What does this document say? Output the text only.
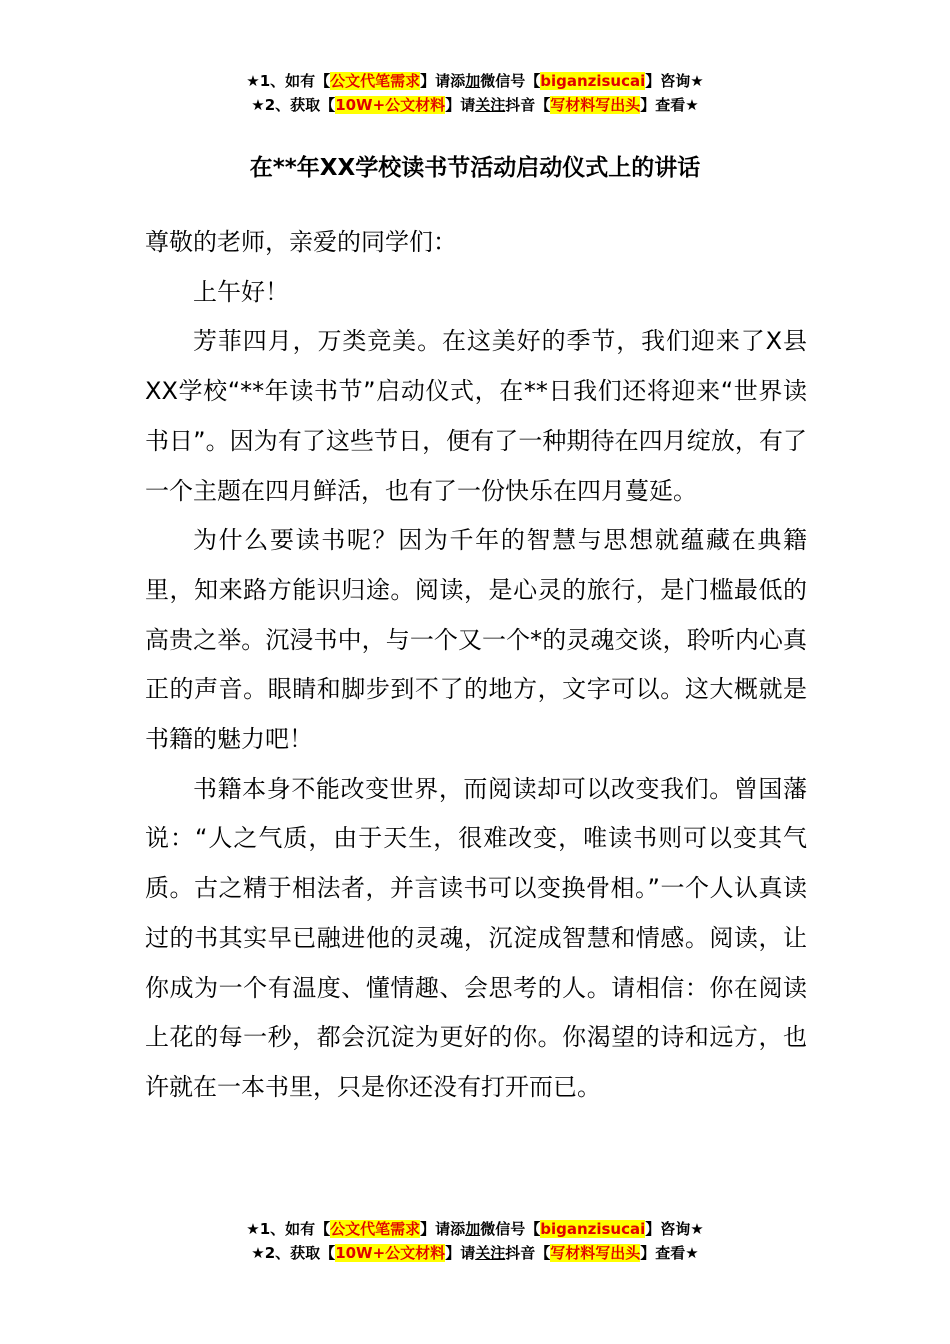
★1、如有【公文代笔需求】请添加微信号【biganzisucai】咨询★
★2、获取【10W+公文材料】请关注抖音【写材料写出头】查看★
在**年XX学校读书节活动启动仪式上的讲话

尊敬的老师，亲爱的同学们：

上午好！

芳菲四月，万类竞美。在这美好的季节，我们迎来了X县XX学校“**年读书节”启动仪式，在**日我们还将迎来“世界读书日”。因为有了这些节日，便有了一种期待在四月绽放，有了一个主题在四月鲜活，也有了一份快乐在四月蔓延。

为什么要读书呢？因为千年的智慧与思想就蕴藏在典籍里，知来路方能识归途。阅读，是心灵的旅行，是门槛最低的高贵之举。沉浸书中，与一个又一个*的灵魂交谈，聆听内心真正的声音。眼睛和脚步到不了的地方，文字可以。这大概就是书籍的魅力吧！

书籍本身不能改变世界，而阅读却可以改变我们。曾国藩说：“人之气质，由于天生，很难改变，唯读书则可以变其气质。古之精于相法者，并言读书可以变换骨相。”一个人认真读过的书其实早已融进他的灵魂，沉淀成智慧和情感。阅读，让你成为一个有温度、懂情趣、会思考的人。请相信：你在阅读上花的每一秒，都会沉淀为更好的你。你渴望的诗和远方，也许就在一本书里，只是你还没有打开而已。

★1、如有【公文代笔需求】请添加微信号【biganzisucai】咨询★
★2、获取【10W+公文材料】请关注抖音【写材料写出头】查看★
